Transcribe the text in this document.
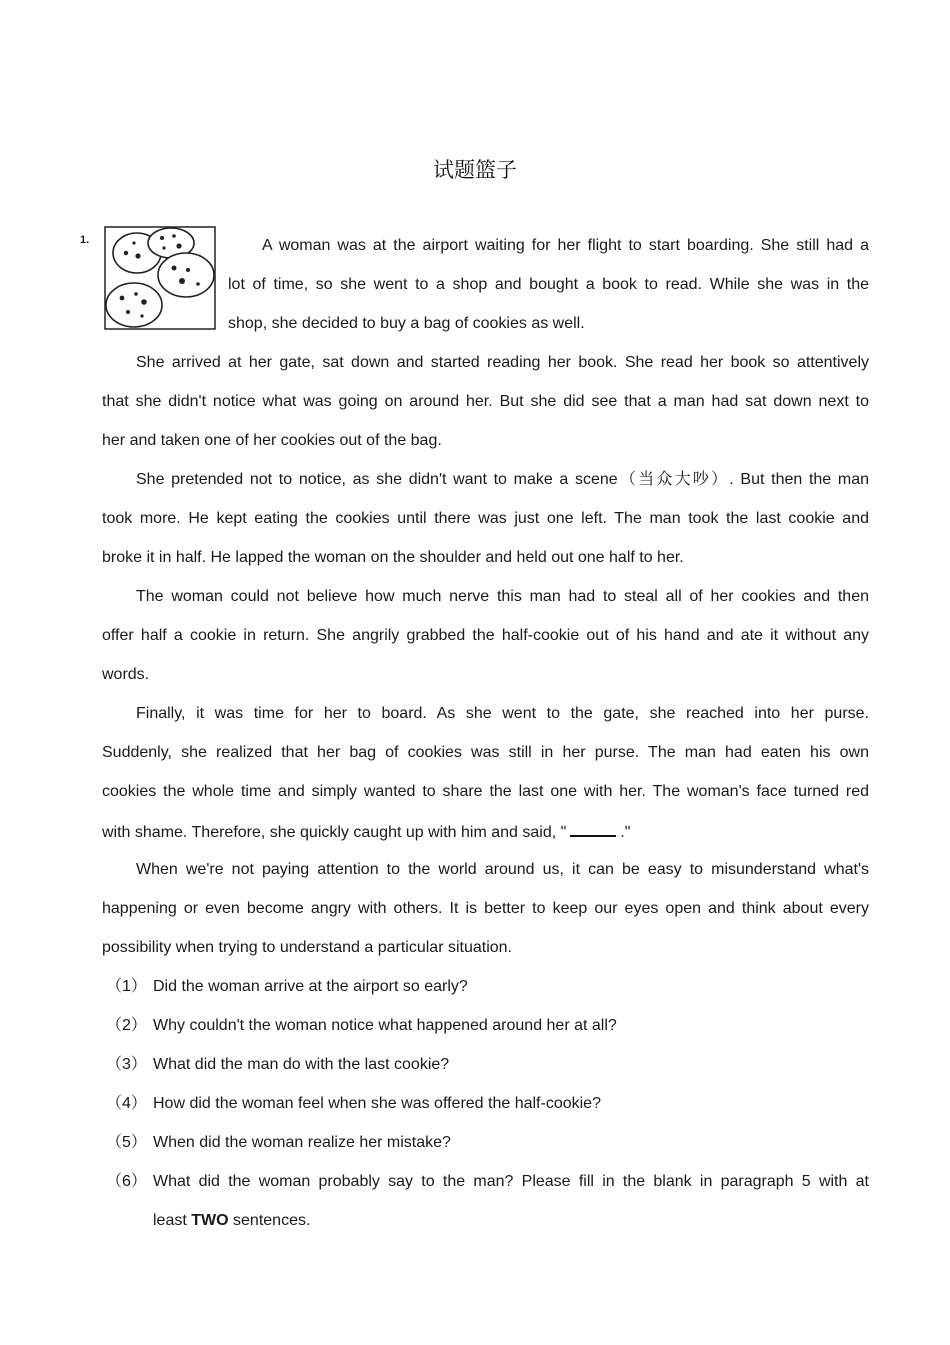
试题篮子
1.	A woman was at the airport waiting for her flight to start boarding. She still had a
lot of time, so she went to a shop and bought a book to read. While she was in the
shop, she decided to buy a bag of cookies as well.
She arrived at her gate, sat down and started reading her book. She read her book so attentively
that she didn't notice what was going on around her. But she did see that a man had sat down next to
her and taken one of her cookies out of the bag.
She pretended not to notice, as she didn't want to make a scene（当众大吵）. But then the man
took more. He kept eating the cookies until there was just one left. The man took the last cookie and
broke it in half. He lapped the woman on the shoulder and held out one half to her.
The woman could not believe how much nerve this man had to steal all of her cookies and then
offer half a cookie in return. She angrily grabbed the half-cookie out of his hand and ate it without any
words.
Finally, it was time for her to board. As she went to the gate, she reached into her purse.
Suddenly, she realized that her bag of cookies was still in her purse. The man had eaten his own
cookies the whole time and simply wanted to share the last one with her. The woman's face turned red
with shame. Therefore, she quickly caught up with him and said, "	."
When we're not paying attention to the world around us, it can be easy to misunderstand what's
happening or even become angry with others. It is better to keep our eyes open and think about every
possibility when trying to understand a particular situation.
（1） Did the woman arrive at the airport so early?
（2） Why couldn't the woman notice what happened around her at all?
（3） What did the man do with the last cookie?
（4） How did the woman feel when she was offered the half-cookie?
（5） When did the woman realize her mistake?
（6） What did the woman probably say to the man? Please fill in the blank in paragraph 5 with at
least TWO sentences.
